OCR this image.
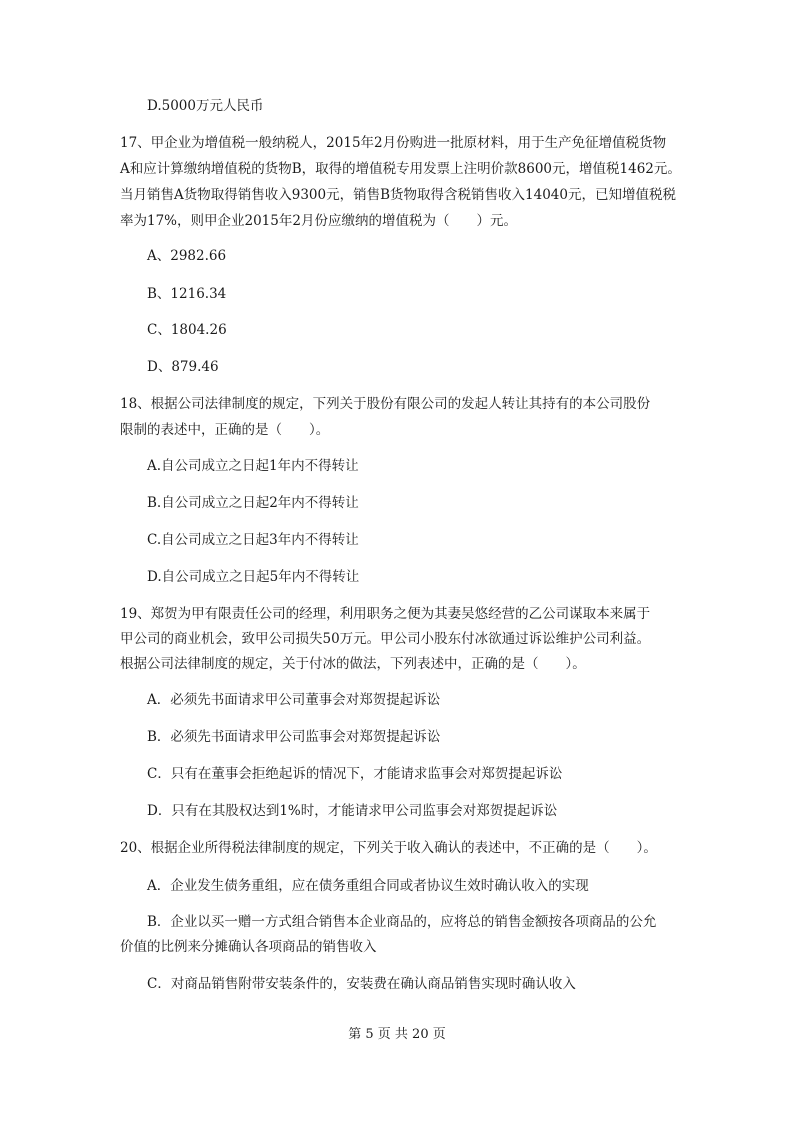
D.5000万元人民币
17、甲企业为增值税一般纳税人，2015年2月份购进一批原材料，用于生产免征增值税货物
A和应计算缴纳增值税的货物B，取得的增值税专用发票上注明价款8600元，增值税1462元。
当月销售A货物取得销售收入9300元，销售B货物取得含税销售收入14040元，已知增值税税
率为17%，则甲企业2015年2月份应缴纳的增值税为（　　）元。
A、2982.66
B、1216.34
C、1804.26
D、879.46
18、根据公司法律制度的规定，下列关于股份有限公司的发起人转让其持有的本公司股份
限制的表述中，正确的是（　　）。
A.自公司成立之日起1年内不得转让
B.自公司成立之日起2年内不得转让
C.自公司成立之日起3年内不得转让
D.自公司成立之日起5年内不得转让
19、郑贺为甲有限责任公司的经理，利用职务之便为其妻吴悠经营的乙公司谋取本来属于
甲公司的商业机会，致甲公司损失50万元。甲公司小股东付冰欲通过诉讼维护公司利益。
根据公司法律制度的规定，关于付冰的做法，下列表述中，正确的是（　　）。
A．必须先书面请求甲公司董事会对郑贺提起诉讼
B．必须先书面请求甲公司监事会对郑贺提起诉讼
C．只有在董事会拒绝起诉的情况下，才能请求监事会对郑贺提起诉讼
D．只有在其股权达到1%时，才能请求甲公司监事会对郑贺提起诉讼
20、根据企业所得税法律制度的规定，下列关于收入确认的表述中，不正确的是（　　）。
A．企业发生债务重组，应在债务重组合同或者协议生效时确认收入的实现
B．企业以买一赠一方式组合销售本企业商品的，应将总的销售金额按各项商品的公允
价值的比例来分摊确认各项商品的销售收入
C．对商品销售附带安装条件的，安装费在确认商品销售实现时确认收入
第 5 页 共 20 页
